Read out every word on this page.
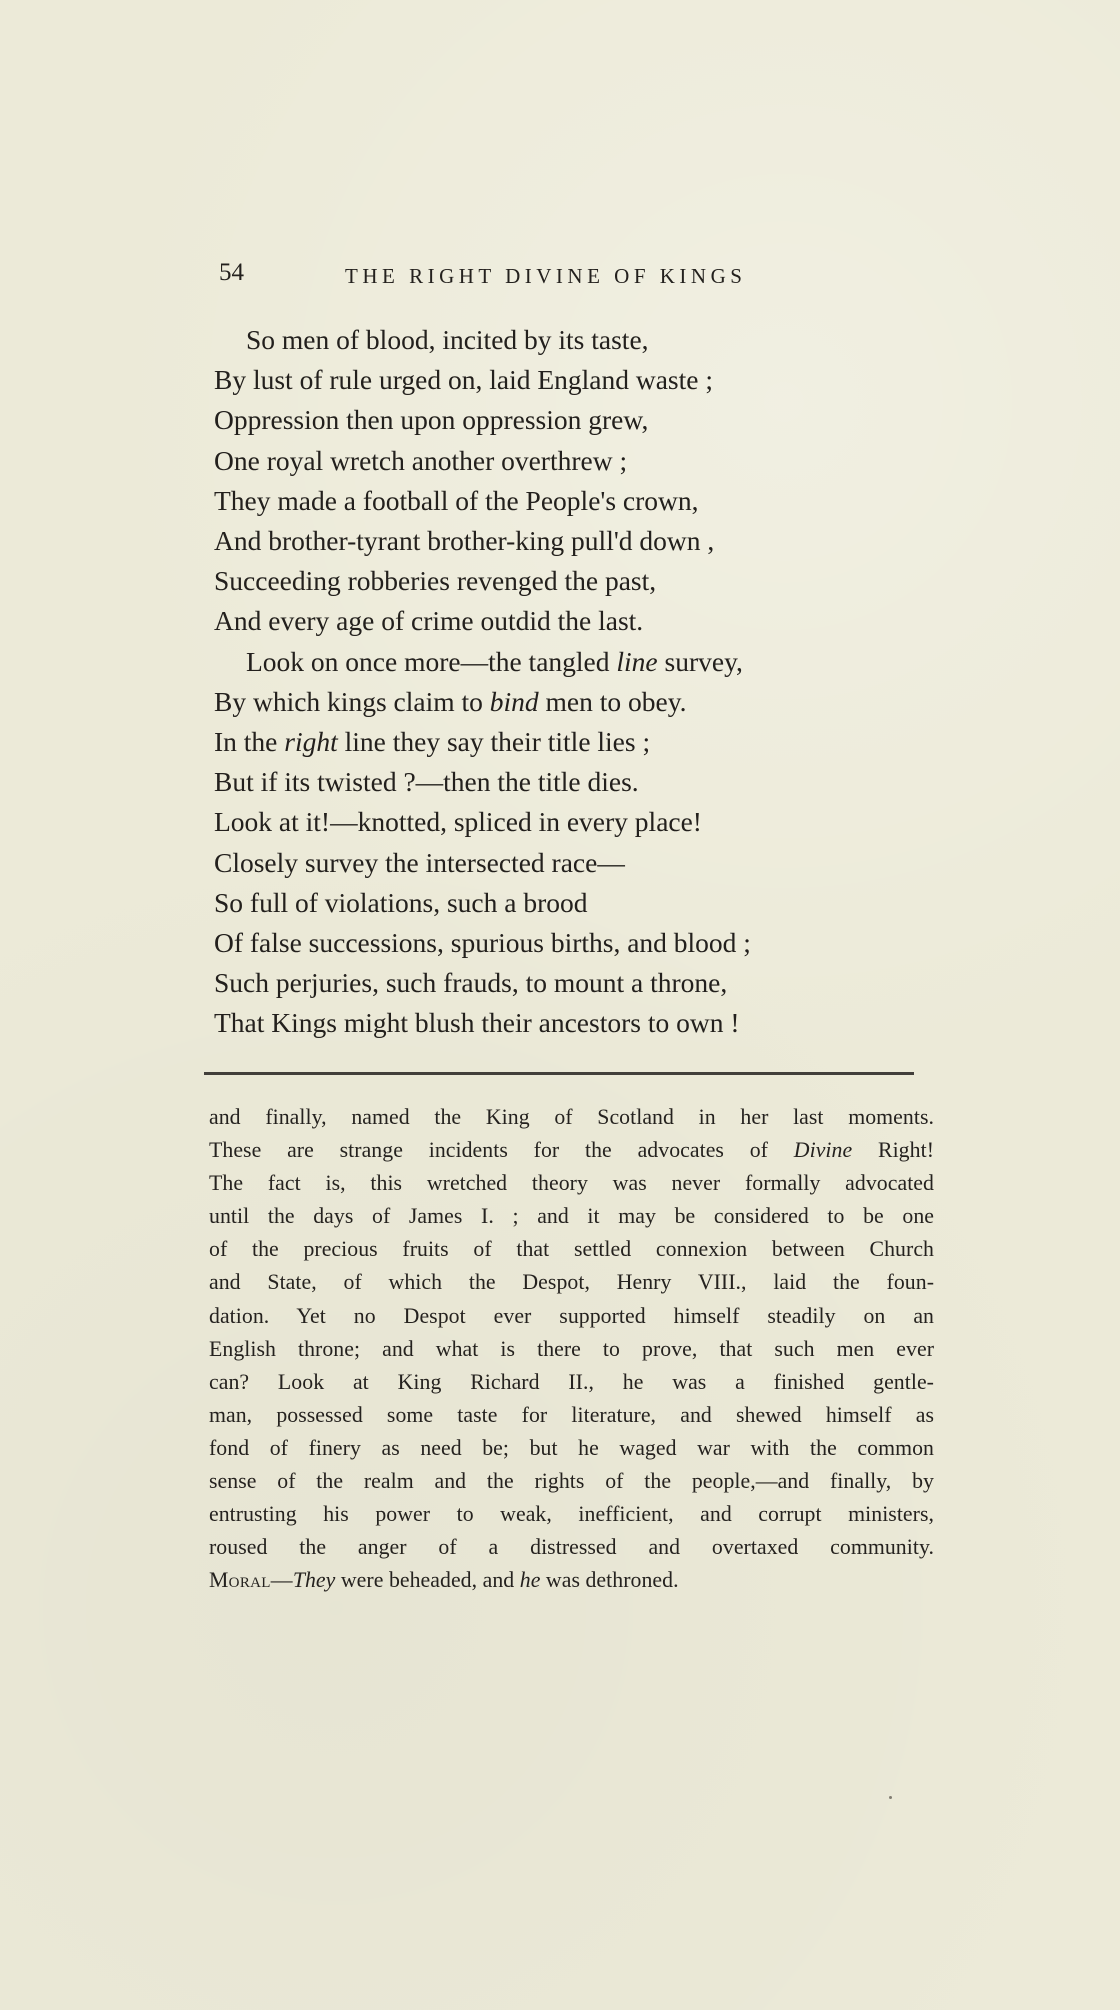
54	THE RIGHT DIVINE OF KINGS
So men of blood, incited by its taste,
By lust of rule urged on, laid England waste ;
Oppression then upon oppression grew,
One royal wretch another overthrew ;
They made a football of the People's crown,
And brother-tyrant brother-king pull'd down ,
Succeeding robberies revenged the past,
And every age of crime outdid the last.
Look on once more—the tangled line survey,
By which kings claim to bind men to obey.
In the right line they say their title lies ;
But if its twisted ?—then the title dies.
Look at it!—knotted, spliced in every place!
Closely survey the intersected race—
So full of violations, such a brood
Of false successions, spurious births, and blood ;
Such perjuries, such frauds, to mount a throne,
That Kings might blush their ancestors to own !
and finally, named the King of Scotland in her last moments.
These are strange incidents for the advocates of Divine Right!
The fact is, this wretched theory was never formally advocated
until the days of James I. ; and it may be considered to be one
of the precious fruits of that settled connexion between Church
and State, of which the Despot, Henry VIII., laid the foun-
dation. Yet no Despot ever supported himself steadily on an
English throne; and what is there to prove, that such men ever
can? Look at King Richard II., he was a finished gentle-
man, possessed some taste for literature, and shewed himself as
fond of finery as need be; but he waged war with the common
sense of the realm and the rights of the people,—and finally, by
entrusting his power to weak, inefficient, and corrupt ministers,
roused the anger of a distressed and overtaxed community.
Moral—They were beheaded, and he was dethroned.
